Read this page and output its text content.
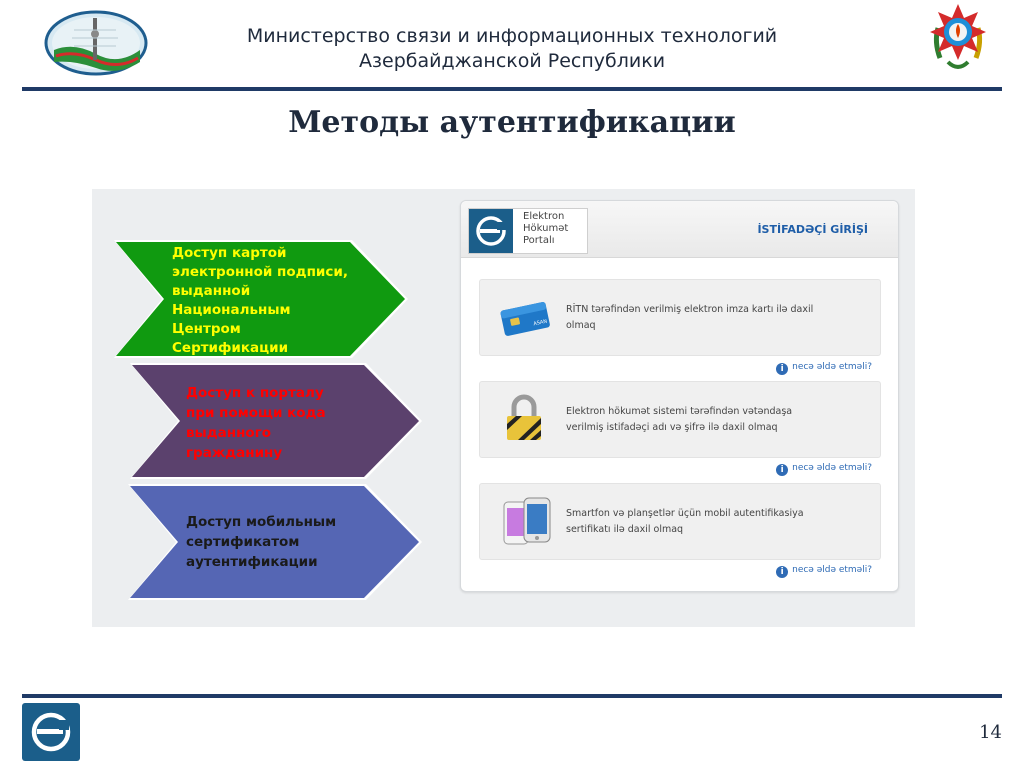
Министерство связи и информационных технологий
Азербайджанской Республики
Методы аутентификации
Доступ картой электронной подписи, выданной Национальным Центром Сертификации
Доступ к порталу при помощи кода выданного гражданину
Доступ мобильным сертификатом аутентификации
Elektron
Hökumət
Portalı
İSTİFADƏÇİ GİRİŞİ
ASAN
RİTN tərəfindən verilmiş elektron imza kartı ilə daxil
olmaq
i necə əldə etməli?
Elektron hökumət sistemi tərəfindən vətəndaşa
verilmiş istifadəçi adı və şifrə ilə daxil olmaq
i necə əldə etməli?
Smartfon və planşetlər üçün mobil autentifikasiya
sertifikatı ilə daxil olmaq
i necə əldə etməli?
14
